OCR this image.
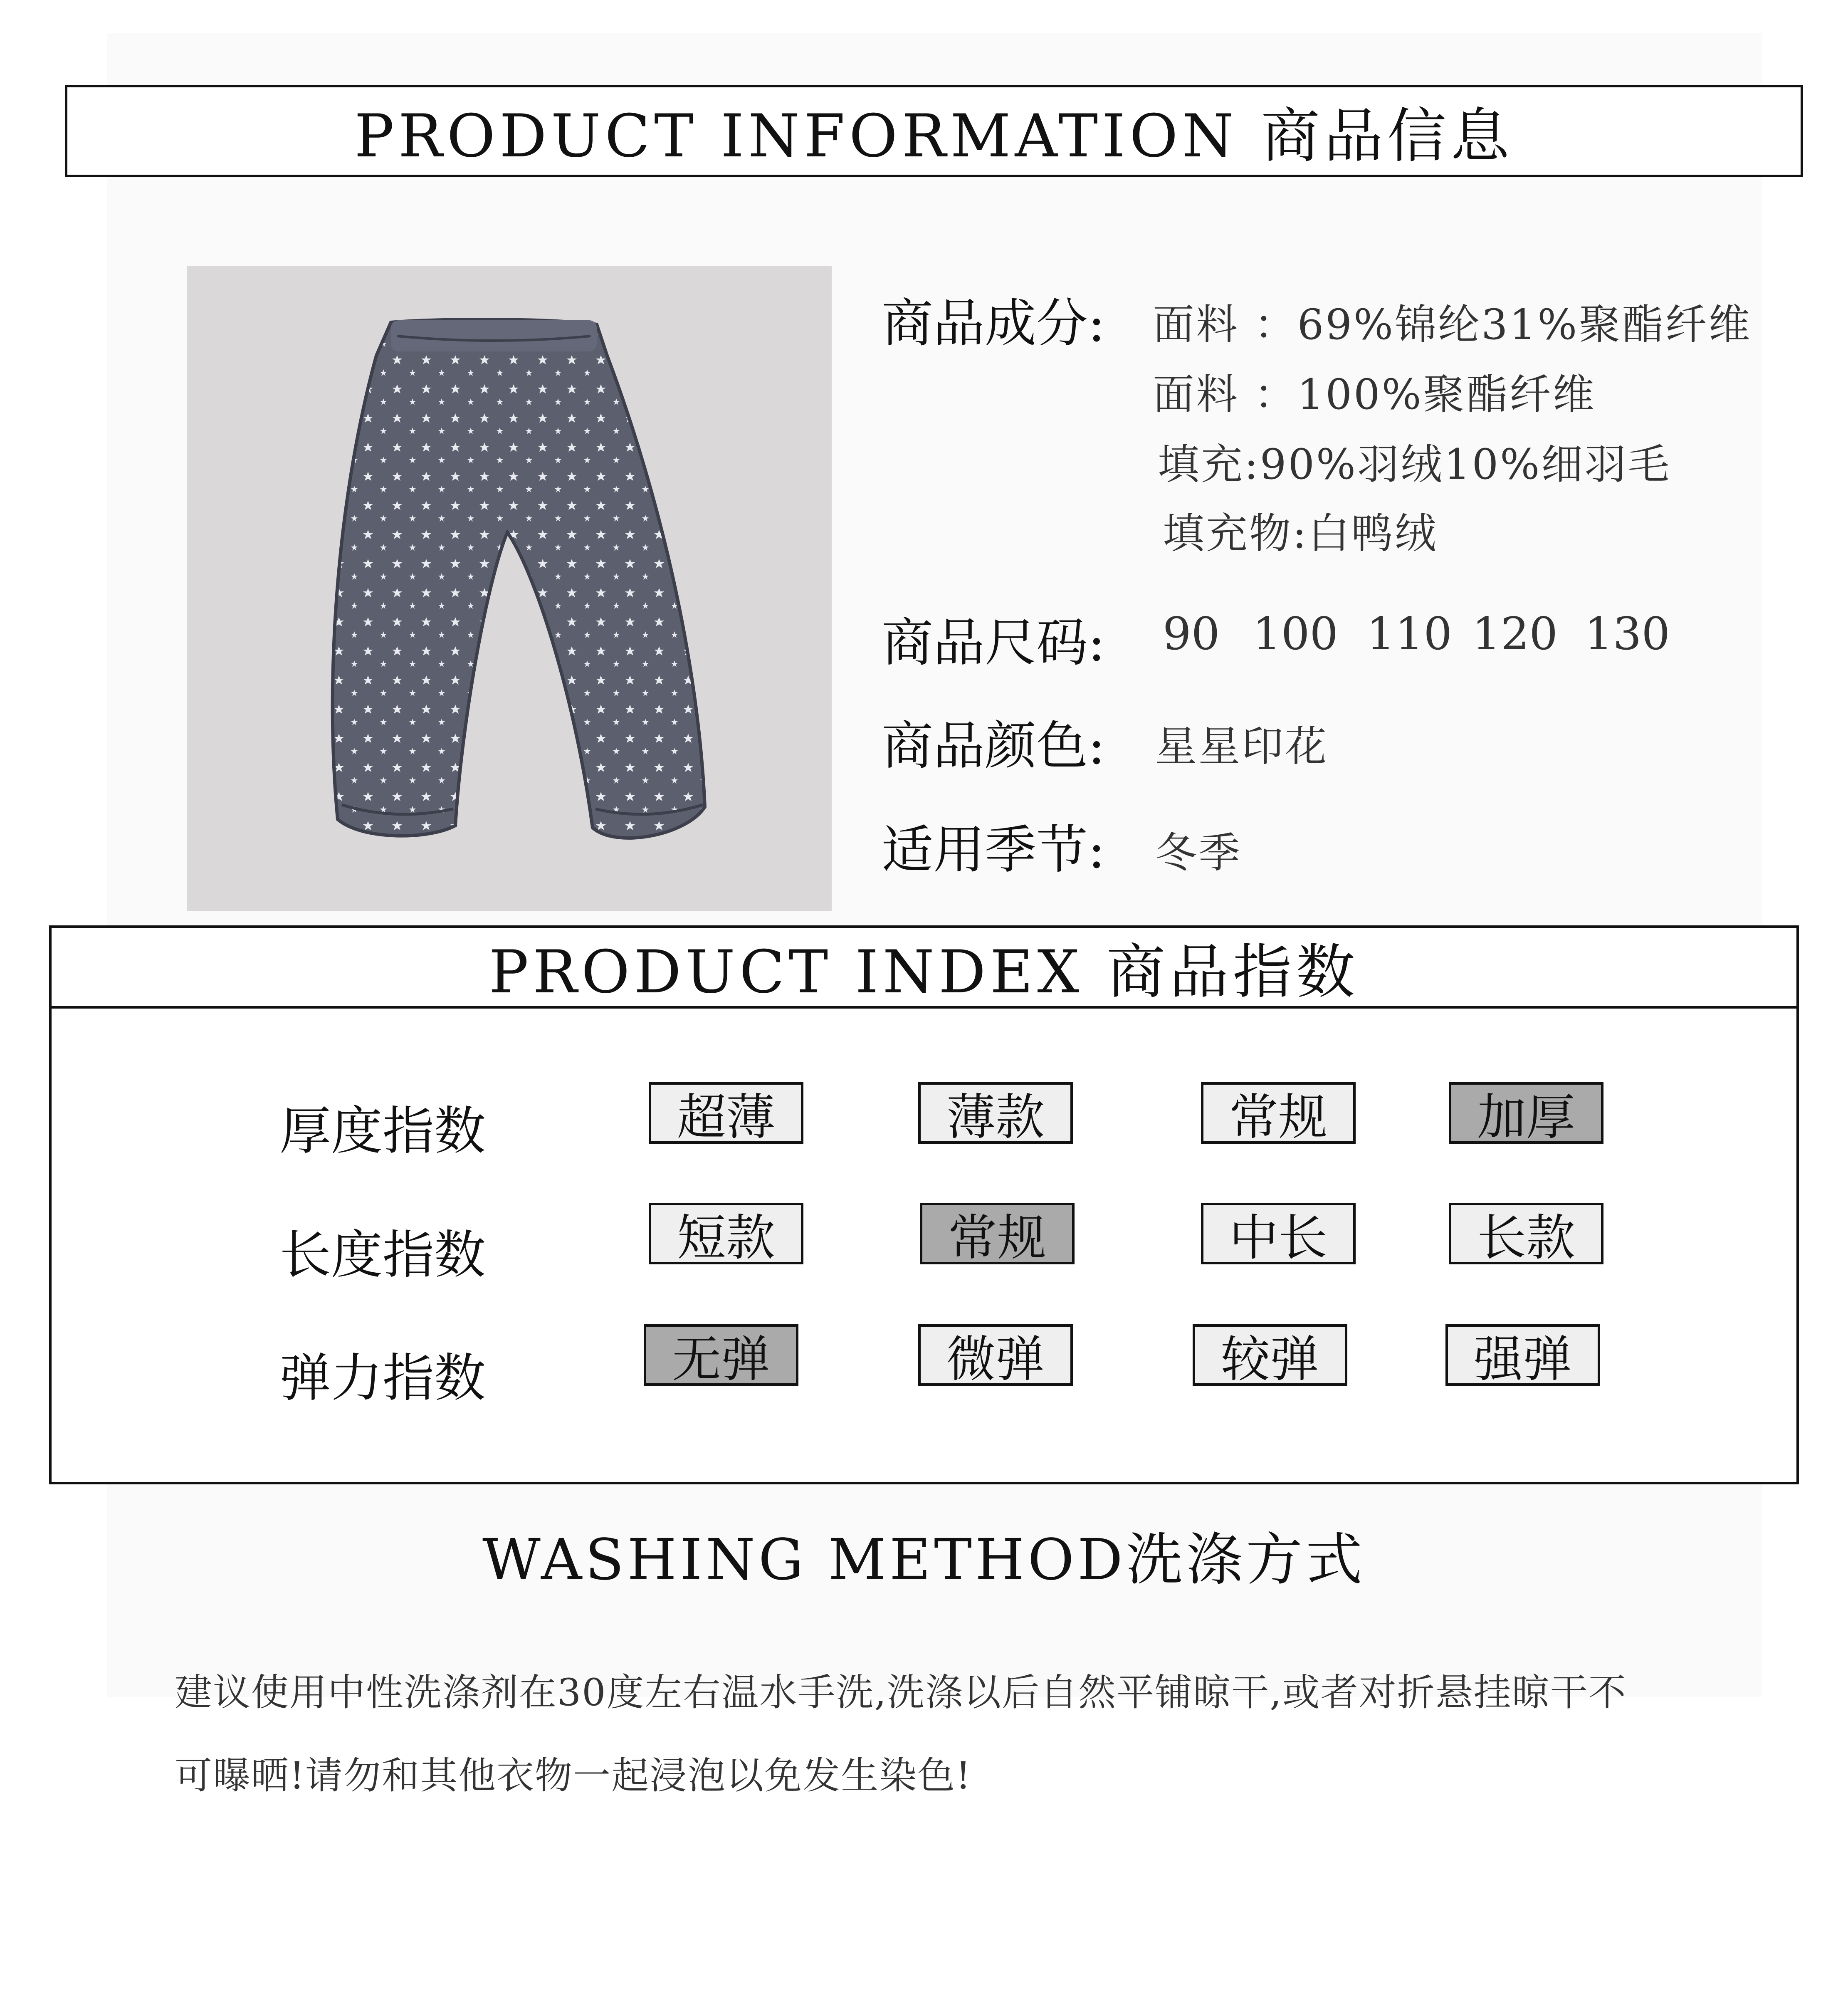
PRODUCT INFORMATION 商品信息
商品成分: 面料 ：69%锦纶31%聚酯纤维
面料 ：100%聚酯纤维
填充:90%羽绒10%细羽毛
填充物:白鸭绒
商品尺码: 90 100 110 120 130
商品颜色: 星星印花
适用季节: 冬季
PRODUCT INDEX 商品指数
厚度指数	超薄	薄款	常规	加厚
长度指数	短款	常规	中长	长款
弹力指数	无弹	微弹	较弹	强弹
WASHING METHOD洗涤方式
建议使用中性洗涤剂在30度左右温水手洗,洗涤以后自然平铺晾干,或者对折悬挂晾干不
可曝晒!请勿和其他衣物一起浸泡以免发生染色!
